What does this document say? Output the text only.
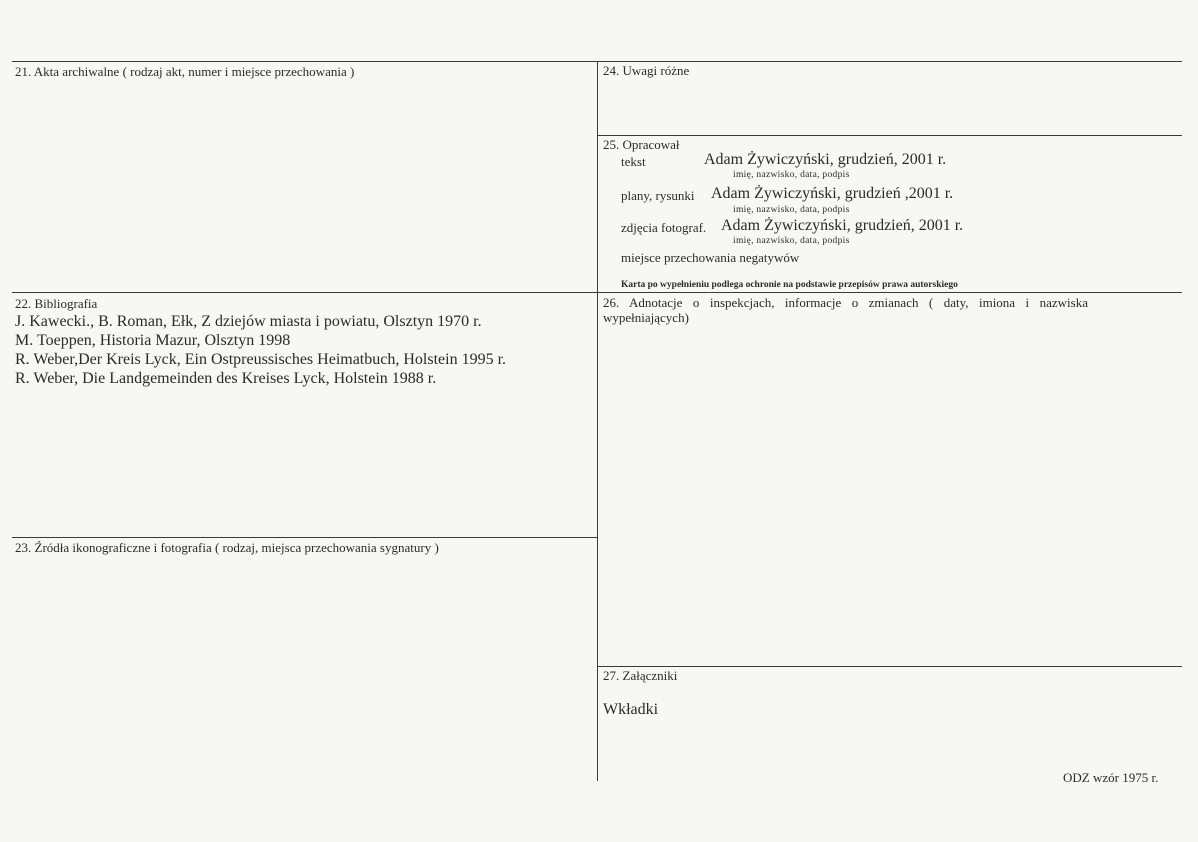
21. Akta archiwalne ( rodzaj akt, numer i miejsce przechowania )	24. Uwagi różne
25. Opracował
tekst	Adam Żywiczyński, grudzień, 2001 r.
imię, nazwisko, data, podpis
plany, rysunki Adam Żywiczyński, grudzień ,2001 r.
imię, nazwisko, data, podpis
zdjęcia fotograf. Adam Żywiczyński, grudzień, 2001 r.
imię, nazwisko, data, podpis
miejsce przechowania negatywów
Karta po wypełnieniu podlega ochronie na podstawie przepisów prawa autorskiego
22. Bibliografia
J. Kawecki., B. Roman, Ełk, Z dziejów miasta i powiatu, Olsztyn 1970 r.
M. Toeppen, Historia Mazur, Olsztyn 1998
R. Weber,Der Kreis Lyck, Ein Ostpreussisches Heimatbuch, Holstein 1995 r.
R. Weber, Die Landgemeinden des Kreises Lyck, Holstein 1988 r.
26. Adnotacje o inspekcjach, informacje o zmianach ( daty, imiona i nazwiska wypełniających)
23. Źródła ikonograficzne i fotografia ( rodzaj, miejsca przechowania sygnatury )
27. Załączniki
Wkładki
ODZ wzór 1975 r.
